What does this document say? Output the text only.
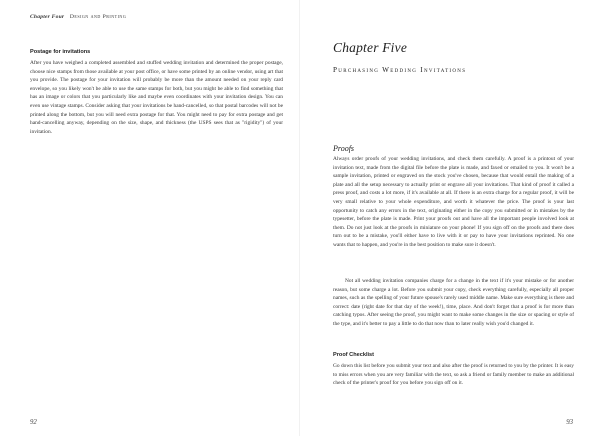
Chapter Four Design and Printing

Postage for invitations

After you have weighed a completed assembled and stuffed wedding invitation and determined the proper postage, choose nice stamps from those available at your post office, or have some printed by an online vendor, using art that you provide. The postage for your invitation will probably be more than the amount needed on your reply card envelope, so you likely won't be able to use the same stamps for both, but you might be able to find something that has an image or colors that you particularly like and maybe even coordinates with your invitation design. You can even use vintage stamps. Consider asking that your invitations be hand-cancelled, so that postal barcodes will not be printed along the bottom, but you will need extra postage for that. You might need to pay for extra postage and get hand-cancelling anyway, depending on the size, shape, and thickness (the USPS sees that as "rigidity") of your invitation.

92

Chapter Five

Purchasing Wedding Invitations

Proofs

Always order proofs of your wedding invitations, and check them carefully. A proof is a printout of your invitation text, made from the digital file before the plate is made, and faxed or emailed to you. It won't be a sample invitation, printed or engraved on the stock you've chosen, because that would entail the making of a plate and all the setup necessary to actually print or engrave all your invitations. That kind of proof it called a press proof, and costs a lot more, if it's available at all. If there is an extra charge for a regular proof, it will be very small relative to your whole expenditure, and worth it whatever the price. The proof is your last opportunity to catch any errors in the text, originating either in the copy you submitted or in mistakes by the typesetter, before the plate is made. Print your proofs out and have all the important people involved look at them. Do not just look at the proofs in miniature on your phone! If you sign off on the proofs and there does turn out to be a mistake, you'll either have to live with it or pay to have your invitations reprinted. No one wants that to happen, and you're in the best position to make sure it doesn't.

Not all wedding invitation companies charge for a change in the text if it's your mistake or for another reason, but some charge a lot. Before you submit your copy, check everything carefully, especially all proper names, such as the spelling of your future spouse's rarely used middle name. Make sure everything is there and correct: date (right date for that day of the week!), time, place. And don't forget that a proof is for more than catching typos. After seeing the proof, you might want to make some changes in the size or spacing or style of the type, and it's better to pay a little to do that now than to later really wish you'd changed it.

Proof Checklist

Go down this list before you submit your text and also after the proof is returned to you by the printer. It is easy to miss errors when you are very familiar with the text, so ask a friend or family member to make an additional check of the printer's proof for you before you sign off on it.

93
